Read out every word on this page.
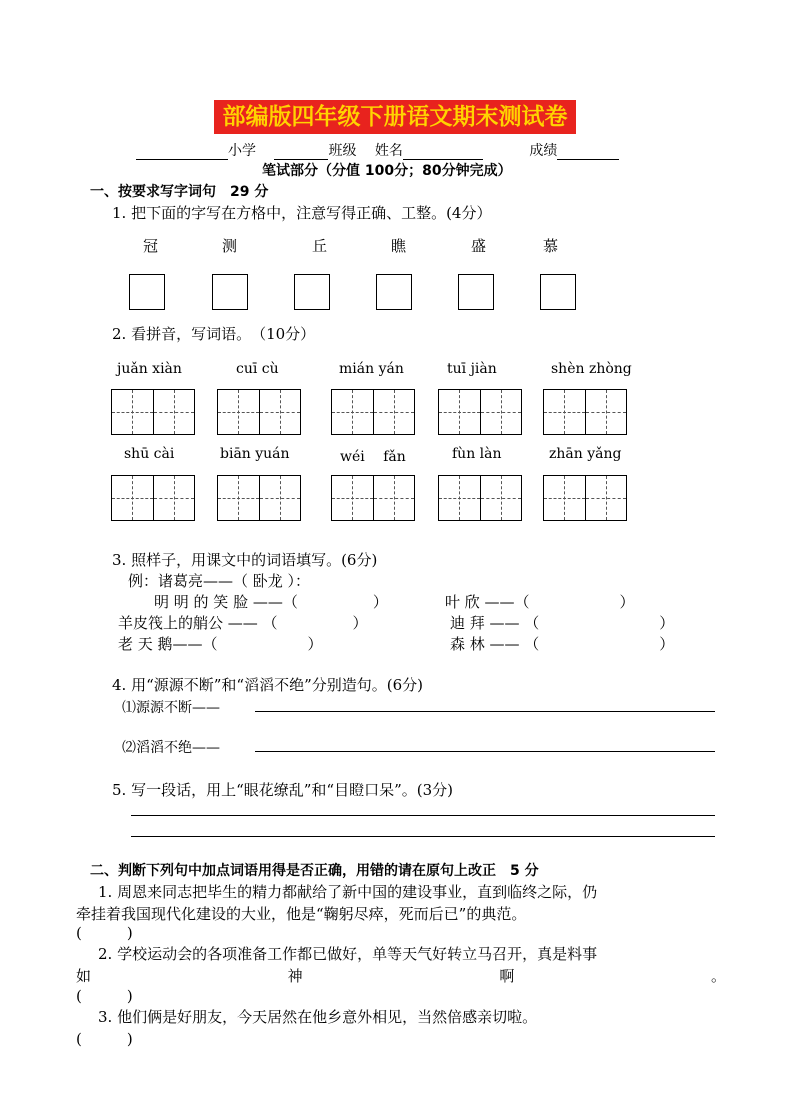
部编版四年级下册语文期末测试卷
小学	班级 姓名	成绩
笔试部分（分值 100分；80分钟完成）
一、按要求写字词句　29 分
1. 把下面的字写在方格中，注意写得正确、工整。(4分）
冠	测	丘	瞧	盛	慕
2. 看拼音，写词语。　（10分）
juǎn xiàn	cuī cù	mián yán	tuī jiàn	shèn zhòng
shū cài	biān yuán	wéi　 fǎn	fùn làn	zhān yǎng
3. 照样子，用课文中的词语填写。(6分)
例：诸葛亮——（ 卧龙 ）：
明 明 的 笑 脸 ——（　　　　　）	叶 欣 ——（　　　　　　）
羊皮筏上的艄公 —— （　　　　　）	迪 拜 —— （　　　　　　　　）
老 天 鹅——（　　　　　　）	森 林 —— （　　　　　　　　）
4. 用“源源不断”和“滔滔不绝”分别造句。(6分)
⑴源源不断——
⑵滔滔不绝——
5. 写一段话，用上“眼花缭乱”和“目瞪口呆”。(3分)
二、判断下列句中加点词语用得是否正确，用错的请在原句上改正　5 分
1. 周恩来同志把毕生的精力都献给了新中国的建设事业，直到临终之际，仍
牵挂着我国现代化建设的大业，他是“鞠躬尽瘁，死而后已”的典范。
(　　　)
2. 学校运动会的各项准备工作都已做好，单等天气好转立马召开，真是料事
如	神	啊	。
(　　　)
3. 他们俩是好朋友，今天居然在他乡意外相见，当然倍感亲切啦。
(　　　)
